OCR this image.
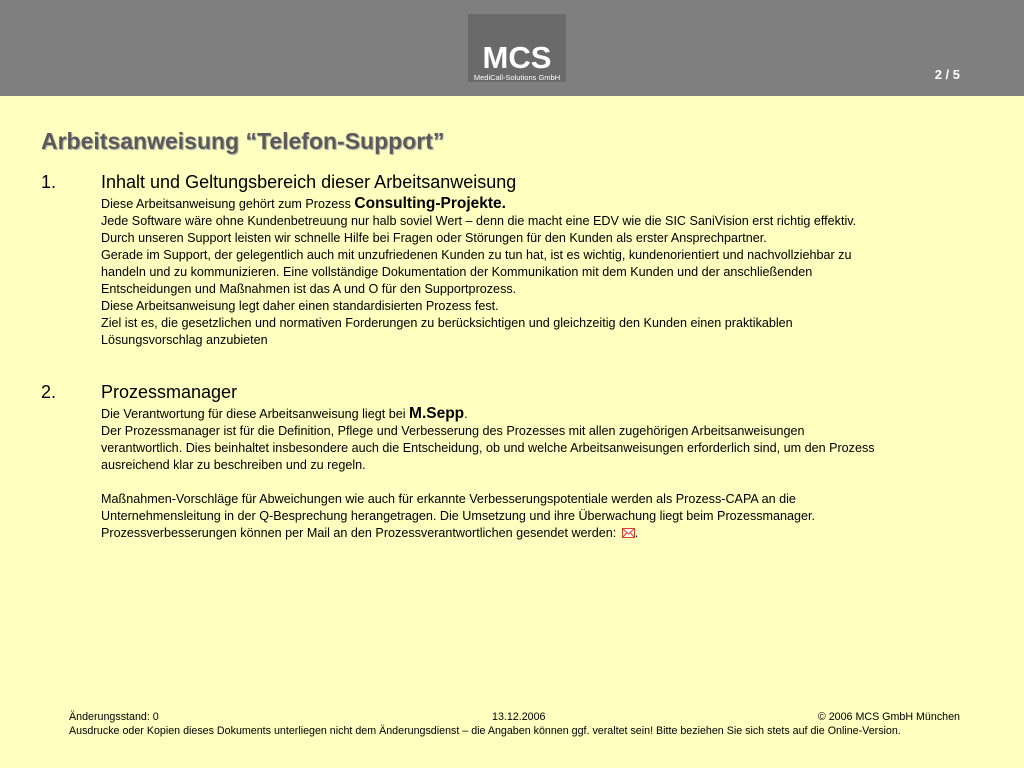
MCS
MediCall-Solutions GmbH	2 / 5
Arbeitsanweisung “Telefon-Support”
1. Inhalt und Geltungsbereich dieser Arbeitsanweisung

Diese Arbeitsanweisung gehört zum Prozess Consulting-Projekte.

Jede Software wäre ohne Kundenbetreuung nur halb soviel Wert – denn die macht eine EDV wie die SIC SaniVision erst richtig effektiv. Durch unseren Support leisten wir schnelle Hilfe bei Fragen oder Störungen für den Kunden als erster Ansprechpartner.

Gerade im Support, der gelegentlich auch mit unzufriedenen Kunden zu tun hat, ist es wichtig, kundenorientiert und nachvollziehbar zu handeln und zu kommunizieren. Eine vollständige Dokumentation der Kommunikation mit dem Kunden und der anschließenden Entscheidungen und Maßnahmen ist das A und O für den Supportprozess.

Diese Arbeitsanweisung legt daher einen standardisierten Prozess fest.

Ziel ist es, die gesetzlichen und normativen Forderungen zu berücksichtigen und gleichzeitig den Kunden einen praktikablen Lösungsvorschlag anzubieten

2. Prozessmanager

Die Verantwortung für diese Arbeitsanweisung liegt bei M.Sepp.

Der Prozessmanager ist für die Definition, Pflege und Verbesserung des Prozesses mit allen zugehörigen Arbeitsanweisungen verantwortlich. Dies beinhaltet insbesondere auch die Entscheidung, ob und welche Arbeitsanweisungen erforderlich sind, um den Prozess ausreichend klar zu beschreiben und zu regeln.

Maßnahmen-Vorschläge für Abweichungen wie auch für erkannte Verbesserungspotentiale werden als Prozess-CAPA an die Unternehmensleitung in der Q-Besprechung herangetragen. Die Umsetzung und ihre Überwachung liegt beim Prozessmanager.

Prozessverbesserungen können per Mail an den Prozessverantwortlichen gesendet werden: .

Änderungsstand: 0	13.12.2006	© 2006 MCS GmbH München
Ausdrucke oder Kopien dieses Dokuments unterliegen nicht dem Änderungsdienst – die Angaben können ggf. veraltet sein! Bitte beziehen Sie sich stets auf die Online-Version.
